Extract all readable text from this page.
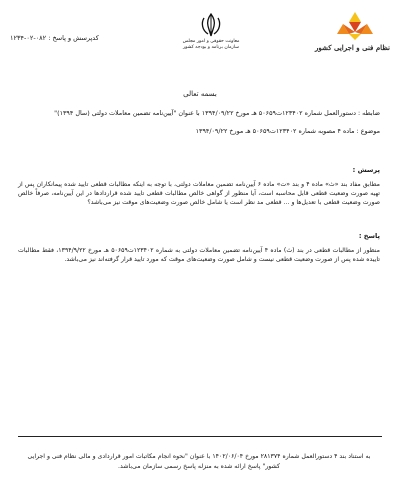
کدپرسش و پاسخ : ۰۸۲-۰۲-۱۲۳۴	معاونت حقوقی و امور مجلس
سازمان برنامه و بودجه کشور	نظام فنی و اجرایی کشور
بسمه تعالی
ضابطه : دستورالعمل شماره ۱۲۳۴۰۲ت۵۰۶۵۹ هـ مورخ ۱۳۹۴/۰۹/۲۲ با عنوان "آیین‌نامه تضمین معاملات دولتی (سال ۱۳۹۴)"
موضوع : ماده ۴ مصوبه شماره ۱۲۳۴۰۲ت۵۰۶۵۹ هـ مورخ ۱۳۹۴/۰۹/۲۲
پرسش :
مطابق مفاد بند «ث» ماده ۴ و بند «ت» ماده ۶ آیین‌نامه تضمین معاملات دولتی، با توجه به اینکه مطالبات قطعی تایید شده پیمانکاران پس از تهیه صورت وضعیت قطعی قابل محاسبه است، آیا منظور از گواهی خالص مطالبات قطعی تایید شده قراردادها در این آیین‌نامه، صرفاً خالص صورت وضعیت قطعی با تعدیل‌ها و ... قطعی مد نظر است یا شامل خالص صورت وضعیت‌های موقت نیز می‌باشد؟
پاسخ :
منظور از مطالبات قطعی در بند (ث) ماده ۴ آیین‌نامه تضمین معاملات دولتی به شماره ۱۲۳۴۰۲ت۵۰۶۵۹ هـ مورخ ۱۳۹۴/۹/۲۲، فقط مطالبات تاییده شده پس از صورت وضعیت قطعی نیست و شامل صورت وضعیت‌های موقت که مورد تایید قرار گرفته‌اند نیز می‌باشد.
به استناد بند ۴ دستورالعمل شماره ۲۸۱۳۷۴ مورخ ۱۴۰۲/۰۶/۰۴ با عنوان "نحوه انجام مکاتبات امور قراردادی و مالی نظام فنی و اجرایی کشور" پاسخ ارائه شده به منزله پاسخ رسمی سازمان می‌باشد.
